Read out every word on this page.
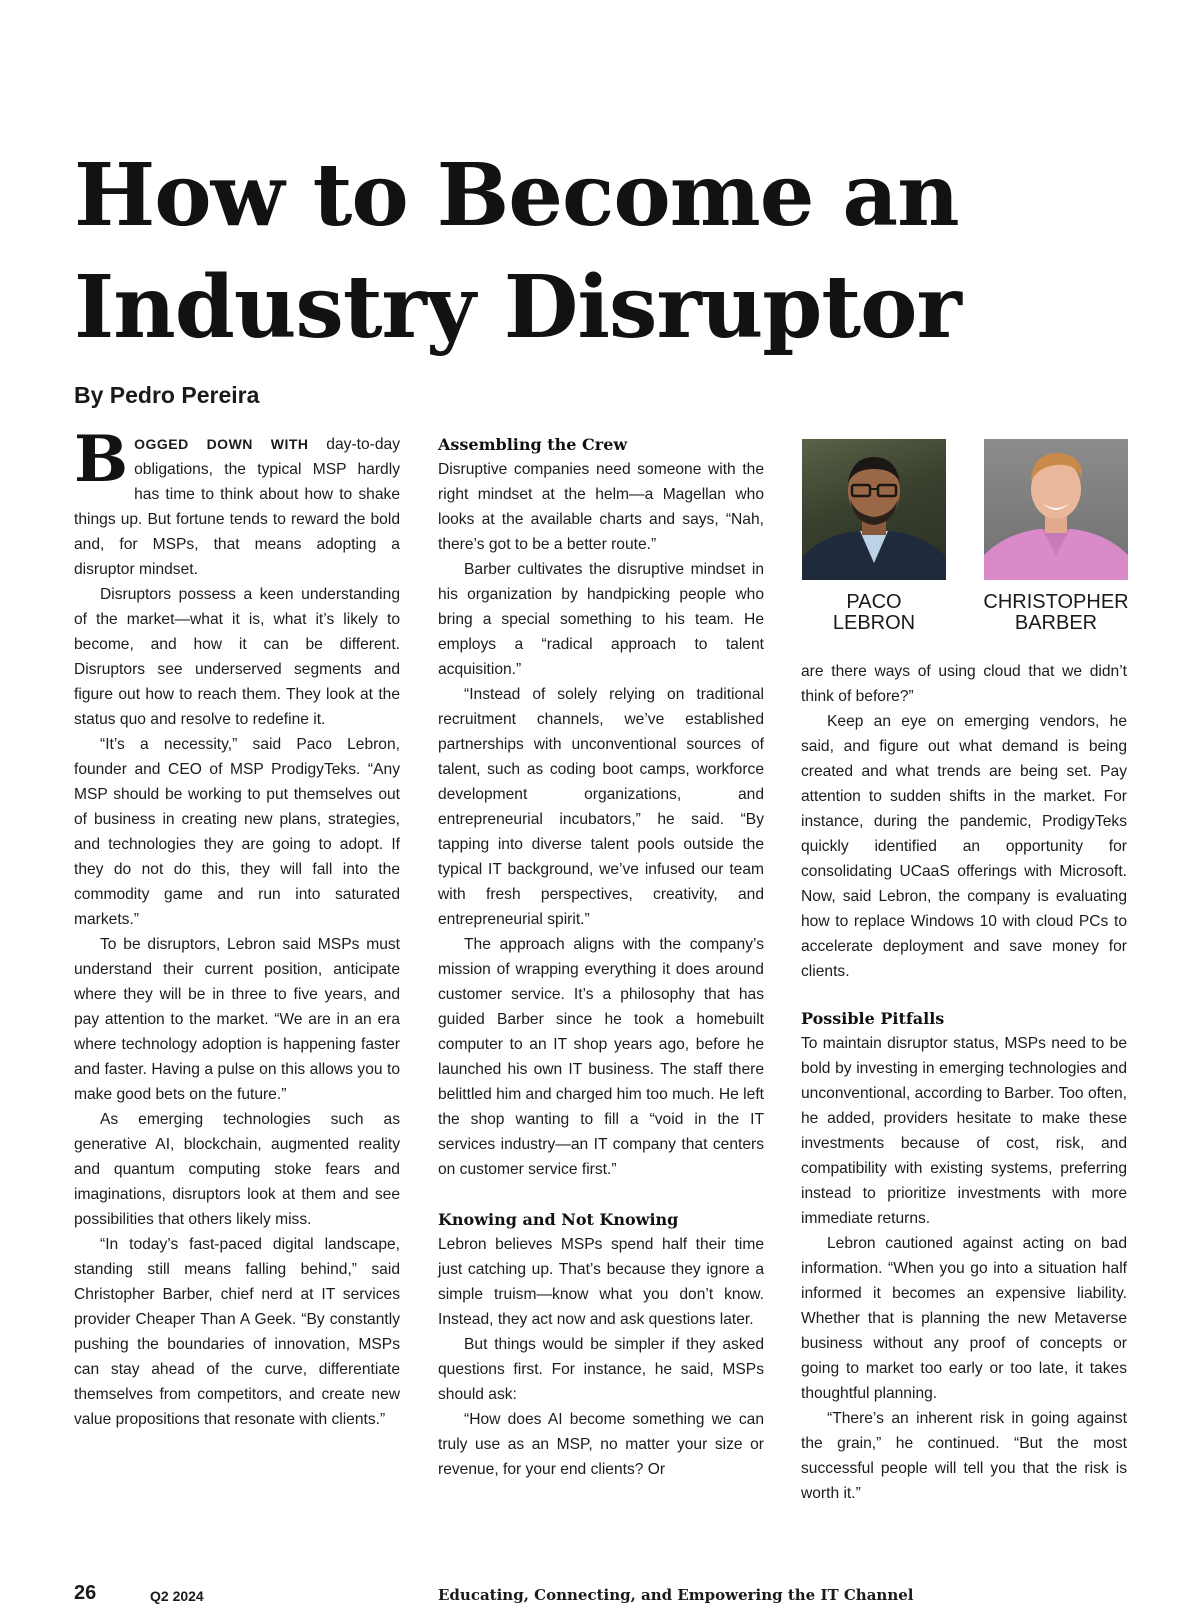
How to Become an
Industry Disruptor

By Pedro Pereira

BOGGED DOWN WITH day-to-day obligations, the typical MSP hardly has time to think about how to shake things up. But fortune tends to reward the bold and, for MSPs, that means adopting a disruptor mindset.

Disruptors possess a keen understanding of the market—what it is, what it’s likely to become, and how it can be different. Disruptors see underserved segments and figure out how to reach them. They look at the status quo and resolve to redefine it.

“It’s a necessity,” said Paco Lebron, founder and CEO of MSP ProdigyTeks. “Any MSP should be working to put themselves out of business in creating new plans, strategies, and technologies they are going to adopt. If they do not do this, they will fall into the commodity game and run into saturated markets.”

To be disruptors, Lebron said MSPs must understand their current position, anticipate where they will be in three to five years, and pay attention to the market. “We are in an era where technology adoption is happening faster and faster. Having a pulse on this allows you to make good bets on the future.”

As emerging technologies such as generative AI, blockchain, augmented reality and quantum computing stoke fears and imaginations, disruptors look at them and see possibilities that others likely miss.

“In today’s fast-paced digital landscape, standing still means falling behind,” said Christopher Barber, chief nerd at IT services provider Cheaper Than A Geek. “By constantly pushing the boundaries of innovation, MSPs can stay ahead of the curve, differentiate themselves from competitors, and create new value propositions that resonate with clients.”

Assembling the Crew

Disruptive companies need someone with the right mindset at the helm—a Magellan who looks at the available charts and says, “Nah, there’s got to be a better route.”

Barber cultivates the disruptive mindset in his organization by handpicking people who bring a special something to his team. He employs a “radical approach to talent acquisition.”

“Instead of solely relying on traditional recruitment channels, we’ve established partnerships with unconventional sources of talent, such as coding boot camps, workforce development organizations, and entrepreneurial incubators,” he said. “By tapping into diverse talent pools outside the typical IT background, we’ve infused our team with fresh perspectives, creativity, and entrepreneurial spirit.”

The approach aligns with the company’s mission of wrapping everything it does around customer service. It’s a philosophy that has guided Barber since he took a homebuilt computer to an IT shop years ago, before he launched his own IT business. The staff there belittled him and charged him too much. He left the shop wanting to fill a “void in the IT services industry—an IT company that centers on customer service first.”

Knowing and Not Knowing

Lebron believes MSPs spend half their time just catching up. That’s because they ignore a simple truism—know what you don’t know. Instead, they act now and ask questions later.

But things would be simpler if they asked questions first. For instance, he said, MSPs should ask:

“How does AI become something we can truly use as an MSP, no matter your size or revenue, for your end clients? Or

PACO
LEBRON
CHRISTOPHER
BARBER

are there ways of using cloud that we didn’t think of before?”

Keep an eye on emerging vendors, he said, and figure out what demand is being created and what trends are being set. Pay attention to sudden shifts in the market. For instance, during the pandemic, ProdigyTeks quickly identified an opportunity for consolidating UCaaS offerings with Microsoft. Now, said Lebron, the company is evaluating how to replace Windows 10 with cloud PCs to accelerate deployment and save money for clients.

Possible Pitfalls

To maintain disruptor status, MSPs need to be bold by investing in emerging technologies and unconventional, according to Barber. Too often, he added, providers hesitate to make these investments because of cost, risk, and compatibility with existing systems, preferring instead to prioritize investments with more immediate returns.

Lebron cautioned against acting on bad information. “When you go into a situation half informed it becomes an expensive liability. Whether that is planning the new Metaverse business without any proof of concepts or going to market too early or too late, it takes thoughtful planning.

“There’s an inherent risk in going against the grain,” he continued. “But the most successful people will tell you that the risk is worth it.”

26	Q2 2024	Educating, Connecting, and Empowering the IT Channel
